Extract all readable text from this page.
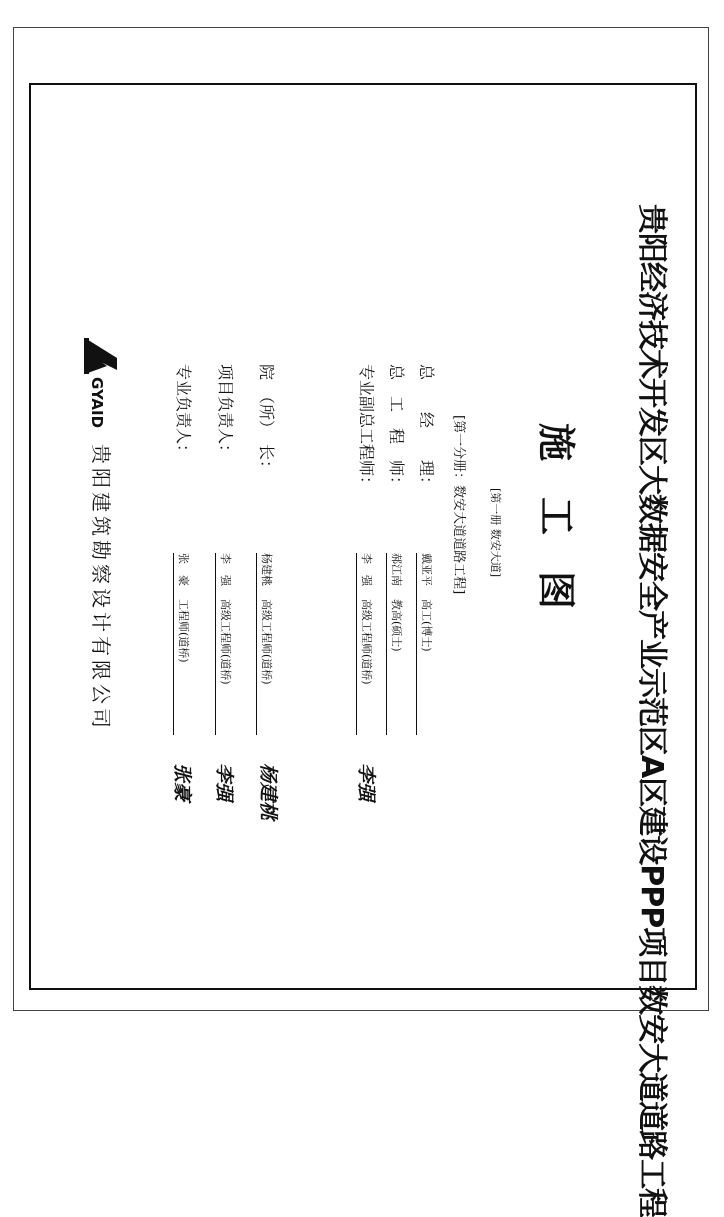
贵阳经济技术开发区大数据安全产业示范区A区建设PPP项目数安大道道路工程
施工图
[第一册 数安大道]
[第一分册：数安大道道路工程]
总　　经　　理：
戴亚平高工(博士)
总　工　程　师：
郝江南教高(硕士)
专业副总工程师：
李　强高级工程师(道桥)
李强
院　（所）　长：
杨建桃高级工程师(道桥)
杨建桃
项目负责人：
李　强高级工程师(道桥)
李强
专业负责人：
张　豪工程师(道桥)
张豪
GYAID
贵阳建筑勘察设计有限公司
